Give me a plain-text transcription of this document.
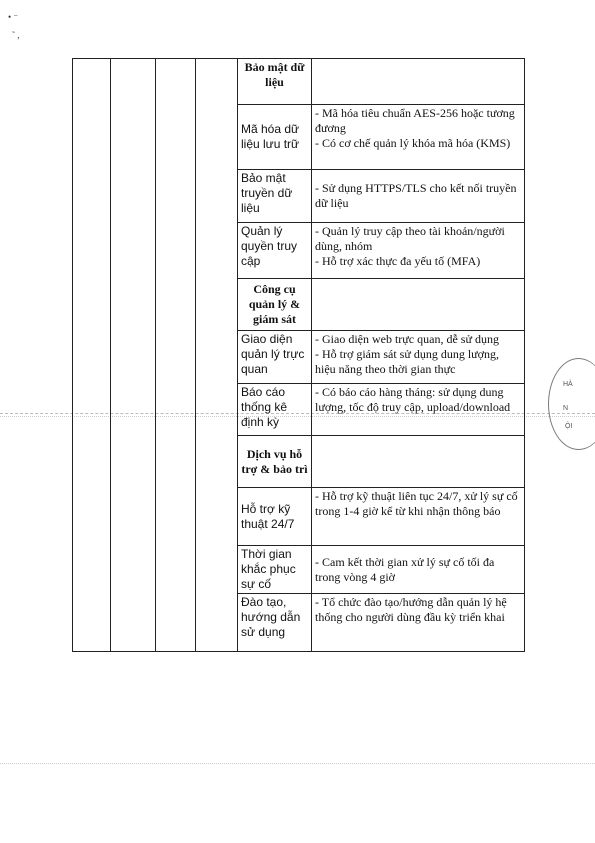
• ⁻
˜ ,
HÀ
N
ỘI
				Bảo mật dữ liệu	
				Mã hóa dữ liệu lưu trữ	- Mã hóa tiêu chuẩn AES-256 hoặc tương đương
- Có cơ chế quản lý khóa mã hóa (KMS)

				Bảo mật truyền dữ liệu	- Sử dụng HTTPS/TLS cho kết nối truyền dữ liệu

				Quản lý quyền truy cập	- Quản lý truy cập theo tài khoản/người dùng, nhóm
- Hỗ trợ xác thực đa yếu tố (MFA)

				Công cụ quản lý & giám sát	
				Giao diện quản lý trực quan	- Giao diện web trực quan, dễ sử dụng
- Hỗ trợ giám sát sử dụng dung lượng, hiệu năng theo thời gian thực

				Báo cáo thống kê định kỳ	- Có báo cáo hàng tháng: sử dụng dung lượng, tốc độ truy cập, upload/download

				Dịch vụ hỗ trợ & bảo trì	
				Hỗ trợ kỹ thuật 24/7	- Hỗ trợ kỹ thuật liên tục 24/7, xử lý sự cố trong 1-4 giờ kể từ khi nhận thông báo

				Thời gian khắc phục sự cố	- Cam kết thời gian xử lý sự cố tối đa trong vòng 4 giờ

				Đào tạo, hướng dẫn sử dụng	- Tổ chức đào tạo/hướng dẫn quản lý hệ thống cho người dùng đầu kỳ triển khai
